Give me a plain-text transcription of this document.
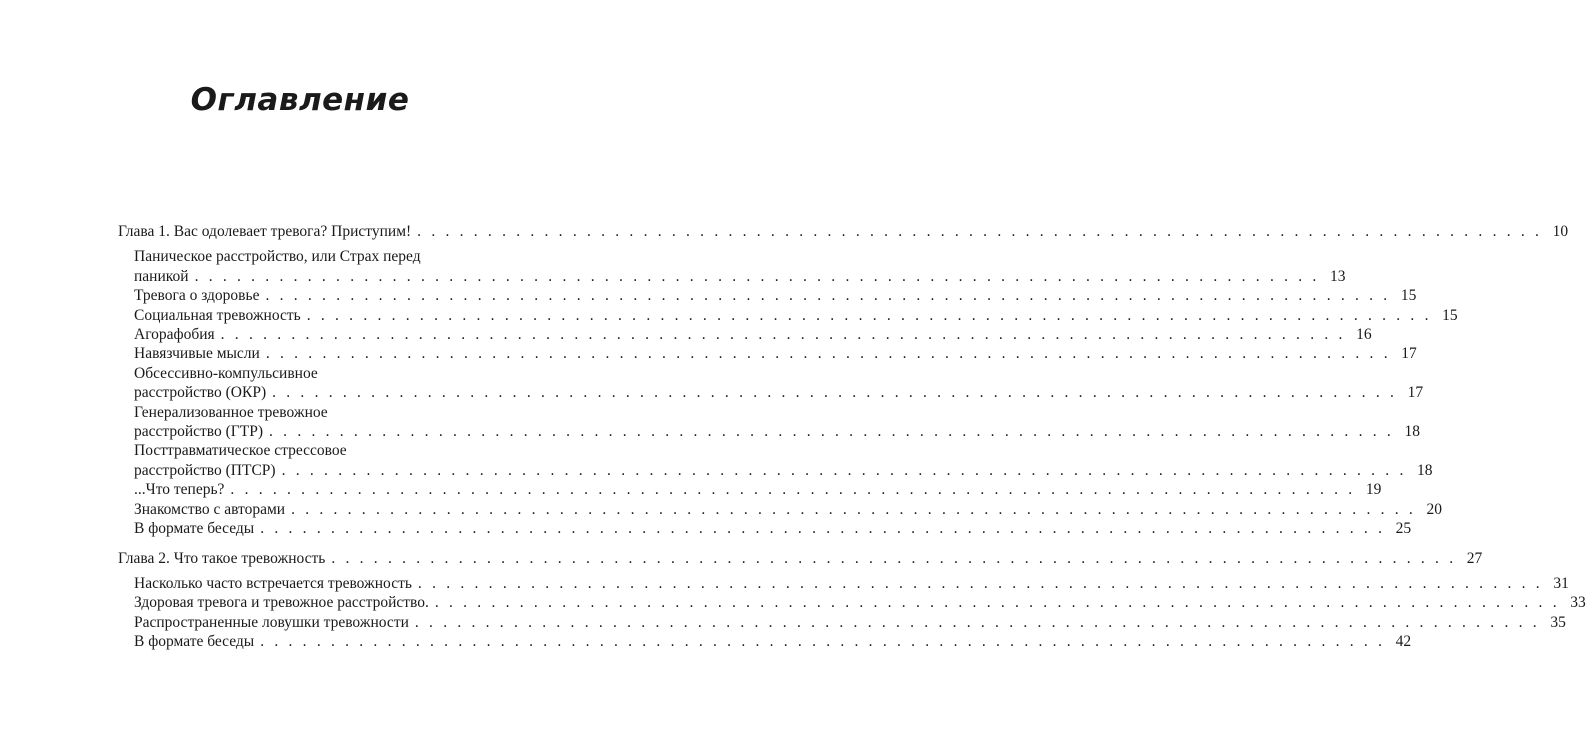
Оглавление
Глава 1. Вас одолевает тревога? Приступим! . . . . . . . . . . . . . . . . . . . . . . . . . . . . . . . . . . . . . . . . . . . . . . . . . . . . . . . . . . . . . . . . . . . . . . . . . . . . . . . . 10
Паническое расстройство, или Страх перед
паникой . . . . . . . . . . . . . . . . . . . . . . . . . . . . . . . . . . . . . . . . . . . . . . . . . . . . . . . . . . . . . . . . . . . . . . . . . . . . . . . . 13
Тревога о здоровье . . . . . . . . . . . . . . . . . . . . . . . . . . . . . . . . . . . . . . . . . . . . . . . . . . . . . . . . . . . . . . . . . . . . . . . . . . . . . . . . 15
Социальная тревожность . . . . . . . . . . . . . . . . . . . . . . . . . . . . . . . . . . . . . . . . . . . . . . . . . . . . . . . . . . . . . . . . . . . . . . . . . . . . . . . . 15
Агорафобия . . . . . . . . . . . . . . . . . . . . . . . . . . . . . . . . . . . . . . . . . . . . . . . . . . . . . . . . . . . . . . . . . . . . . . . . . . . . . . . . 16
Навязчивые мысли . . . . . . . . . . . . . . . . . . . . . . . . . . . . . . . . . . . . . . . . . . . . . . . . . . . . . . . . . . . . . . . . . . . . . . . . . . . . . . . . 17
Обсессивно-компульсивное
расстройство (ОКР) . . . . . . . . . . . . . . . . . . . . . . . . . . . . . . . . . . . . . . . . . . . . . . . . . . . . . . . . . . . . . . . . . . . . . . . . . . . . . . . . 17
Генерализованное тревожное
расстройство (ГТР) . . . . . . . . . . . . . . . . . . . . . . . . . . . . . . . . . . . . . . . . . . . . . . . . . . . . . . . . . . . . . . . . . . . . . . . . . . . . . . . . 18
Посттравматическое стрессовое
расстройство (ПТСР) . . . . . . . . . . . . . . . . . . . . . . . . . . . . . . . . . . . . . . . . . . . . . . . . . . . . . . . . . . . . . . . . . . . . . . . . . . . . . . . . 18
...Что теперь? . . . . . . . . . . . . . . . . . . . . . . . . . . . . . . . . . . . . . . . . . . . . . . . . . . . . . . . . . . . . . . . . . . . . . . . . . . . . . . . . 19
Знакомство с авторами . . . . . . . . . . . . . . . . . . . . . . . . . . . . . . . . . . . . . . . . . . . . . . . . . . . . . . . . . . . . . . . . . . . . . . . . . . . . . . . . 20
В формате беседы . . . . . . . . . . . . . . . . . . . . . . . . . . . . . . . . . . . . . . . . . . . . . . . . . . . . . . . . . . . . . . . . . . . . . . . . . . . . . . . . 25
Глава 2. Что такое тревожность . . . . . . . . . . . . . . . . . . . . . . . . . . . . . . . . . . . . . . . . . . . . . . . . . . . . . . . . . . . . . . . . . . . . . . . . . . . . . . . . 27
Насколько часто встречается тревожность . . . . . . . . . . . . . . . . . . . . . . . . . . . . . . . . . . . . . . . . . . . . . . . . . . . . . . . . . . . . . . . . . . . . . . . . . . . . . . . . 31
Здоровая тревога и тревожное расстройство. . . . . . . . . . . . . . . . . . . . . . . . . . . . . . . . . . . . . . . . . . . . . . . . . . . . . . . . . . . . . . . . . . . . . . . . . . . . . . . . . 33
Распространенные ловушки тревожности . . . . . . . . . . . . . . . . . . . . . . . . . . . . . . . . . . . . . . . . . . . . . . . . . . . . . . . . . . . . . . . . . . . . . . . . . . . . . . . . 35
В формате беседы . . . . . . . . . . . . . . . . . . . . . . . . . . . . . . . . . . . . . . . . . . . . . . . . . . . . . . . . . . . . . . . . . . . . . . . . . . . . . . . . 42
